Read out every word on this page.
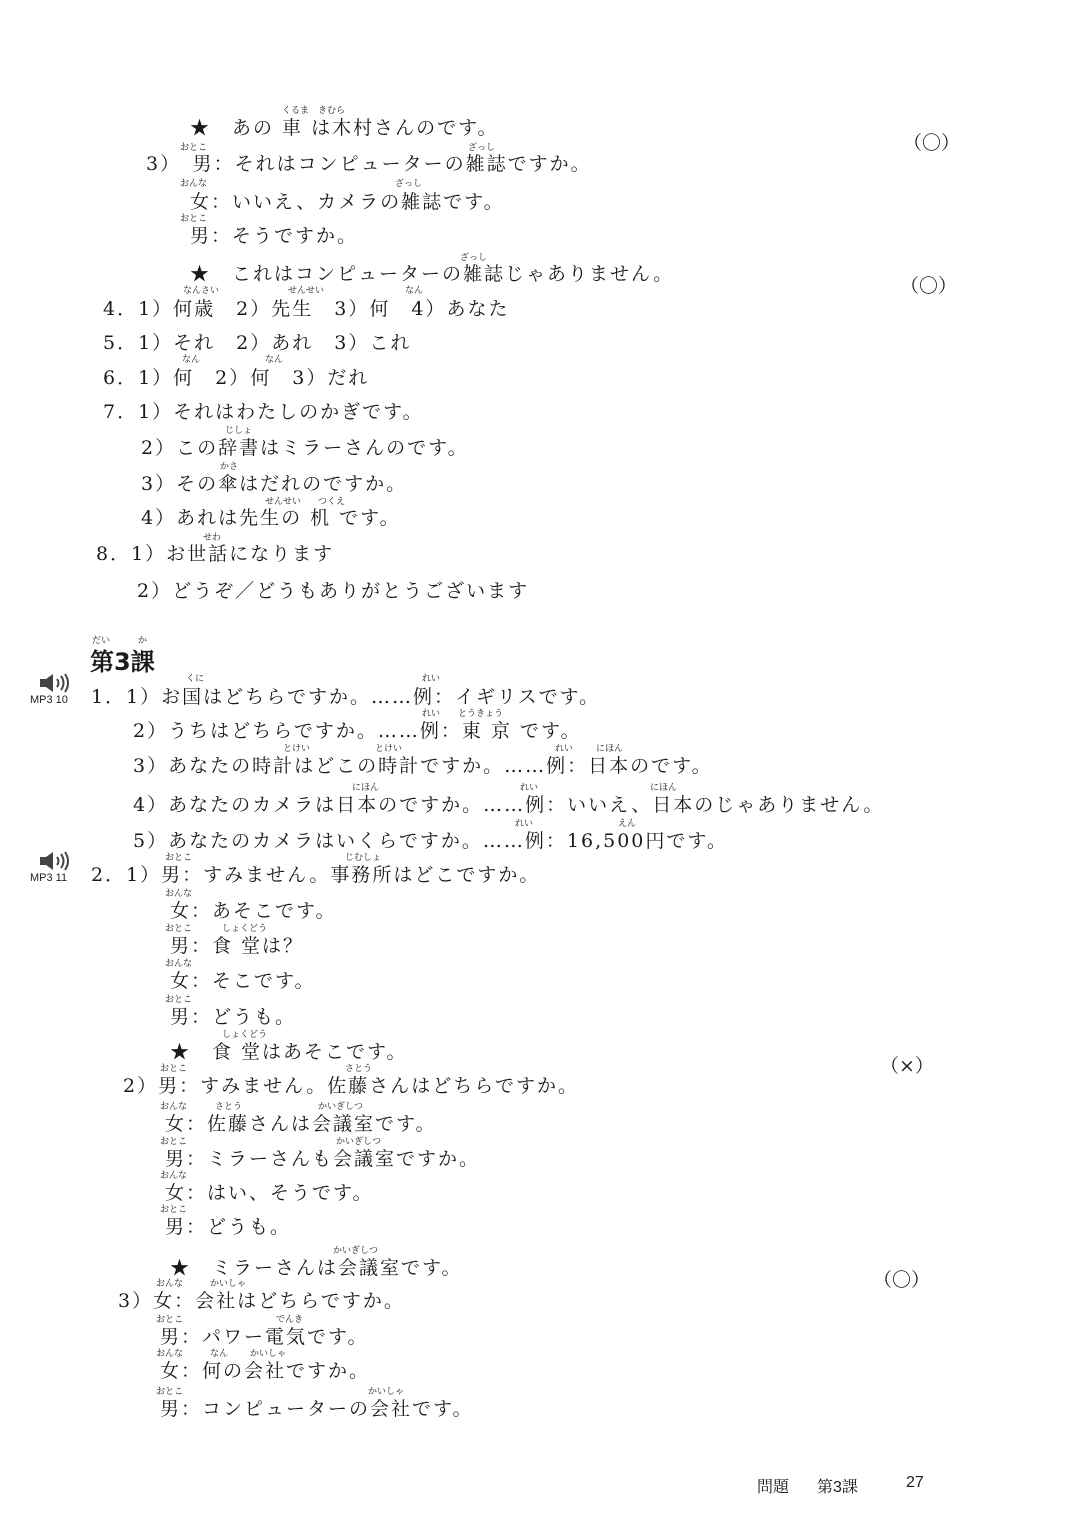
★　あの 車 は木村さんのです。
3）　男：それはコンピューターの雑誌ですか。
女：いいえ、カメラの雑誌です。
男：そうですか。
★　これはコンピューターの雑誌じゃありません。
4．1）何歳　2）先生　3）何　4）あなた
5．1）それ　2）あれ　3）これ
6．1）何　2）何　3）だれ
7．1）それはわたしのかぎです。
2）この辞書はミラーさんのです。
3）その傘はだれのですか。
4）あれは先生の 机 です。
8．1）お世話になります
2）どうぞ／どうもありがとうございます
1．1）お国はどちらですか。……例：イギリスです。
2）うちはどちらですか。……例：東 京 です。
3）あなたの時計はどこの時計ですか。……例：日本のです。
4）あなたのカメラは日本のですか。……例：いいえ、日本のじゃありません。
5）あなたのカメラはいくらですか。……例：16,500円です。
2．1）男：すみません。事務所はどこですか。
女：あそこです。
男：食 堂は？
女：そこです。
男：どうも。
★　食 堂はあそこです。
2）男：すみません。佐藤さんはどちらですか。
女：佐藤さんは会議室です。
男：ミラーさんも会議室ですか。
女：はい、そうです。
男：どうも。
★　ミラーさんは会議室です。
3）女：会社はどちらですか。
男：パワー電気です。
女：何の会社ですか。
男：コンピューターの会社です。
くるま　きむら
おとこ	ざっし
おんな	ざっし
おとこ
ざっし
なんさい	せんせい	なん
なん	なん
じしょ
かさ
せんせい つくえ
せわ
だい	か
くに	れい
れい とうきょう
とけい	とけい	れい	にほん
にほん	れい	にほん
れい	えん
おとこ	じむしょ
おんな
おとこ	しょくどう
おんな
おとこ
しょくどう
おとこ	さとう
おんな	さとう	かいぎしつ
おとこ	かいぎしつ
おんな
おとこ
かいぎしつ
おんな	かいしゃ
おとこ	でんき
おんな	なん かいしゃ
おとこ	かいしゃ
（〇）
（〇）
（×）
（〇）
第3課
MP3 10
MP3 11
問題 第3課	27
